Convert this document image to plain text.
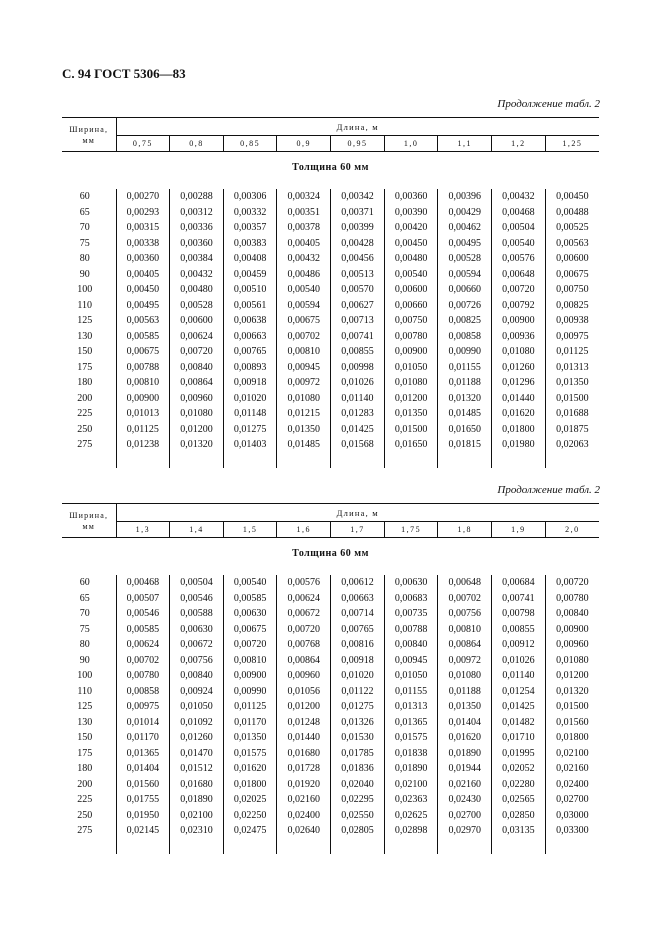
С. 94 ГОСТ 5306—83
Продолжение табл. 2
Ширина, мм	Длина, м								
	0,75	0,8	0,85	0,9	0,95	1,0	1,1	1,2	1,25
Толщина 60 мм									

60	0,00270	0,00288	0,00306	0,00324	0,00342	0,00360	0,00396	0,00432	0,00450
65	0,00293	0,00312	0,00332	0,00351	0,00371	0,00390	0,00429	0,00468	0,00488
70	0,00315	0,00336	0,00357	0,00378	0,00399	0,00420	0,00462	0,00504	0,00525
75	0,00338	0,00360	0,00383	0,00405	0,00428	0,00450	0,00495	0,00540	0,00563
80	0,00360	0,00384	0,00408	0,00432	0,00456	0,00480	0,00528	0,00576	0,00600
90	0,00405	0,00432	0,00459	0,00486	0,00513	0,00540	0,00594	0,00648	0,00675
100	0,00450	0,00480	0,00510	0,00540	0,00570	0,00600	0,00660	0,00720	0,00750
110	0,00495	0,00528	0,00561	0,00594	0,00627	0,00660	0,00726	0,00792	0,00825
125	0,00563	0,00600	0,00638	0,00675	0,00713	0,00750	0,00825	0,00900	0,00938
130	0,00585	0,00624	0,00663	0,00702	0,00741	0,00780	0,00858	0,00936	0,00975
150	0,00675	0,00720	0,00765	0,00810	0,00855	0,00900	0,00990	0,01080	0,01125
175	0,00788	0,00840	0,00893	0,00945	0,00998	0,01050	0,01155	0,01260	0,01313
180	0,00810	0,00864	0,00918	0,00972	0,01026	0,01080	0,01188	0,01296	0,01350
200	0,00900	0,00960	0,01020	0,01080	0,01140	0,01200	0,01320	0,01440	0,01500
225	0,01013	0,01080	0,01148	0,01215	0,01283	0,01350	0,01485	0,01620	0,01688
250	0,01125	0,01200	0,01275	0,01350	0,01425	0,01500	0,01650	0,01800	0,01875
275	0,01238	0,01320	0,01403	0,01485	0,01568	0,01650	0,01815	0,01980	0,02063

Продолжение табл. 2
Ширина, мм	Длина, м								
	1,3	1,4	1,5	1,6	1,7	1,75	1,8	1,9	2,0
Толщина 60 мм									

60	0,00468	0,00504	0,00540	0,00576	0,00612	0,00630	0,00648	0,00684	0,00720
65	0,00507	0,00546	0,00585	0,00624	0,00663	0,00683	0,00702	0,00741	0,00780
70	0,00546	0,00588	0,00630	0,00672	0,00714	0,00735	0,00756	0,00798	0,00840
75	0,00585	0,00630	0,00675	0,00720	0,00765	0,00788	0,00810	0,00855	0,00900
80	0,00624	0,00672	0,00720	0,00768	0,00816	0,00840	0,00864	0,00912	0,00960
90	0,00702	0,00756	0,00810	0,00864	0,00918	0,00945	0,00972	0,01026	0,01080
100	0,00780	0,00840	0,00900	0,00960	0,01020	0,01050	0,01080	0,01140	0,01200
110	0,00858	0,00924	0,00990	0,01056	0,01122	0,01155	0,01188	0,01254	0,01320
125	0,00975	0,01050	0,01125	0,01200	0,01275	0,01313	0,01350	0,01425	0,01500
130	0,01014	0,01092	0,01170	0,01248	0,01326	0,01365	0,01404	0,01482	0,01560
150	0,01170	0,01260	0,01350	0,01440	0,01530	0,01575	0,01620	0,01710	0,01800
175	0,01365	0,01470	0,01575	0,01680	0,01785	0,01838	0,01890	0,01995	0,02100
180	0,01404	0,01512	0,01620	0,01728	0,01836	0,01890	0,01944	0,02052	0,02160
200	0,01560	0,01680	0,01800	0,01920	0,02040	0,02100	0,02160	0,02280	0,02400
225	0,01755	0,01890	0,02025	0,02160	0,02295	0,02363	0,02430	0,02565	0,02700
250	0,01950	0,02100	0,02250	0,02400	0,02550	0,02625	0,02700	0,02850	0,03000
275	0,02145	0,02310	0,02475	0,02640	0,02805	0,02898	0,02970	0,03135	0,03300
